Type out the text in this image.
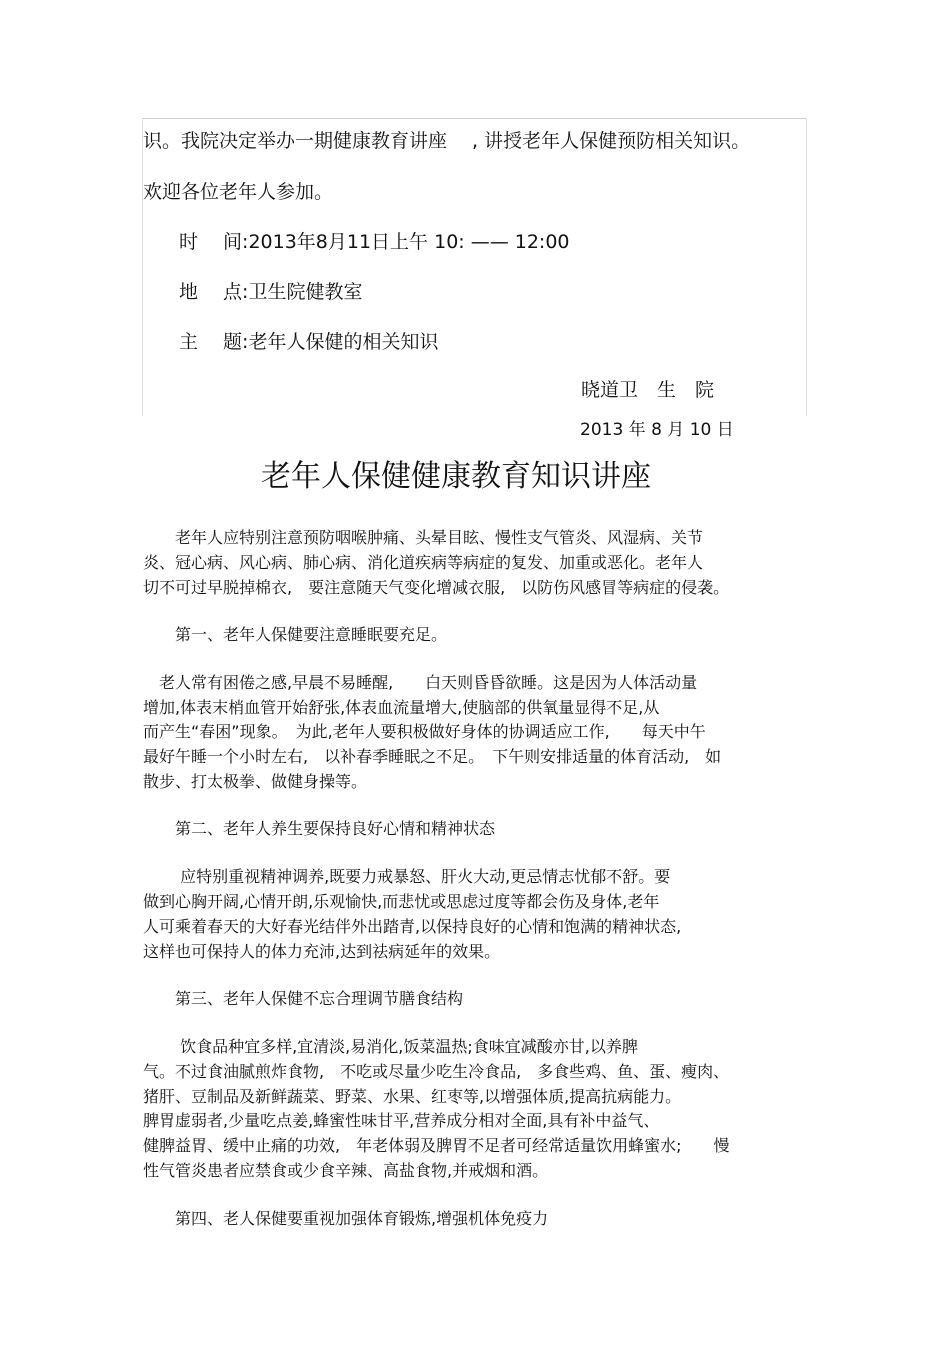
识。我院决定举办一期健康教育讲座　 , 讲授老年人保健预防相关知识。
欢迎各位老年人参加。
时　 间:2013年8月11日上午 10: —— 12:00
地　 点:卫生院健教室
主　 题:老年人保健的相关知识
晓道卫　生　院
2013 年 8 月 10 日
老年人保健健康教育知识讲座
　　老年人应特别注意预防咽喉肿痛、头晕目眩、慢性支气管炎、风湿病、关节
炎、冠心病、风心病、肺心病、消化道疾病等病症的复发、加重或恶化。老年人
切不可过早脱掉棉衣,　要注意随天气变化增减衣服,　以防伤风感冒等病症的侵袭。
　　第一、老年人保健要注意睡眠要充足。
　老人常有困倦之感,早晨不易睡醒,　　白天则昏昏欲睡。这是因为人体活动量
增加,体表末梢血管开始舒张,体表血流量增大,使脑部的供氧量显得不足,从
而产生“春困”现象。　为此,老年人要积极做好身体的协调适应工作,　　每天中午
最好午睡一个小时左右,　以补春季睡眠之不足。　下午则安排适量的体育活动,　如
散步、打太极拳、做健身操等。
　　第二、老年人养生要保持良好心情和精神状态
　　 应特别重视精神调养,既要力戒暴怒、肝火大动,更忌情志忧郁不舒。要
做到心胸开阔,心情开朗,乐观愉快,而悲忧或思虑过度等都会伤及身体,老年
人可乘着春天的大好春光结伴外出踏青,以保持良好的心情和饱满的精神状态,
这样也可保持人的体力充沛,达到祛病延年的效果。
　　第三、老年人保健不忘合理调节膳食结构
　　 饮食品种宜多样,宜清淡,易消化,饭菜温热;食味宜减酸亦甘,以养脾
气。不过食油腻煎炸食物,　不吃或尽量少吃生冷食品,　多食些鸡、鱼、蛋、瘦肉、
猪肝、豆制品及新鲜蔬菜、野菜、水果、红枣等,以增强体质,提高抗病能力。
脾胃虚弱者,少量吃点姜,蜂蜜性味甘平,营养成分相对全面,具有补中益气、
健脾益胃、缓中止痛的功效,　年老体弱及脾胃不足者可经常适量饮用蜂蜜水;　　慢
性气管炎患者应禁食或少食辛辣、高盐食物,并戒烟和酒。
　　第四、老人保健要重视加强体育锻炼,增强机体免疫力
